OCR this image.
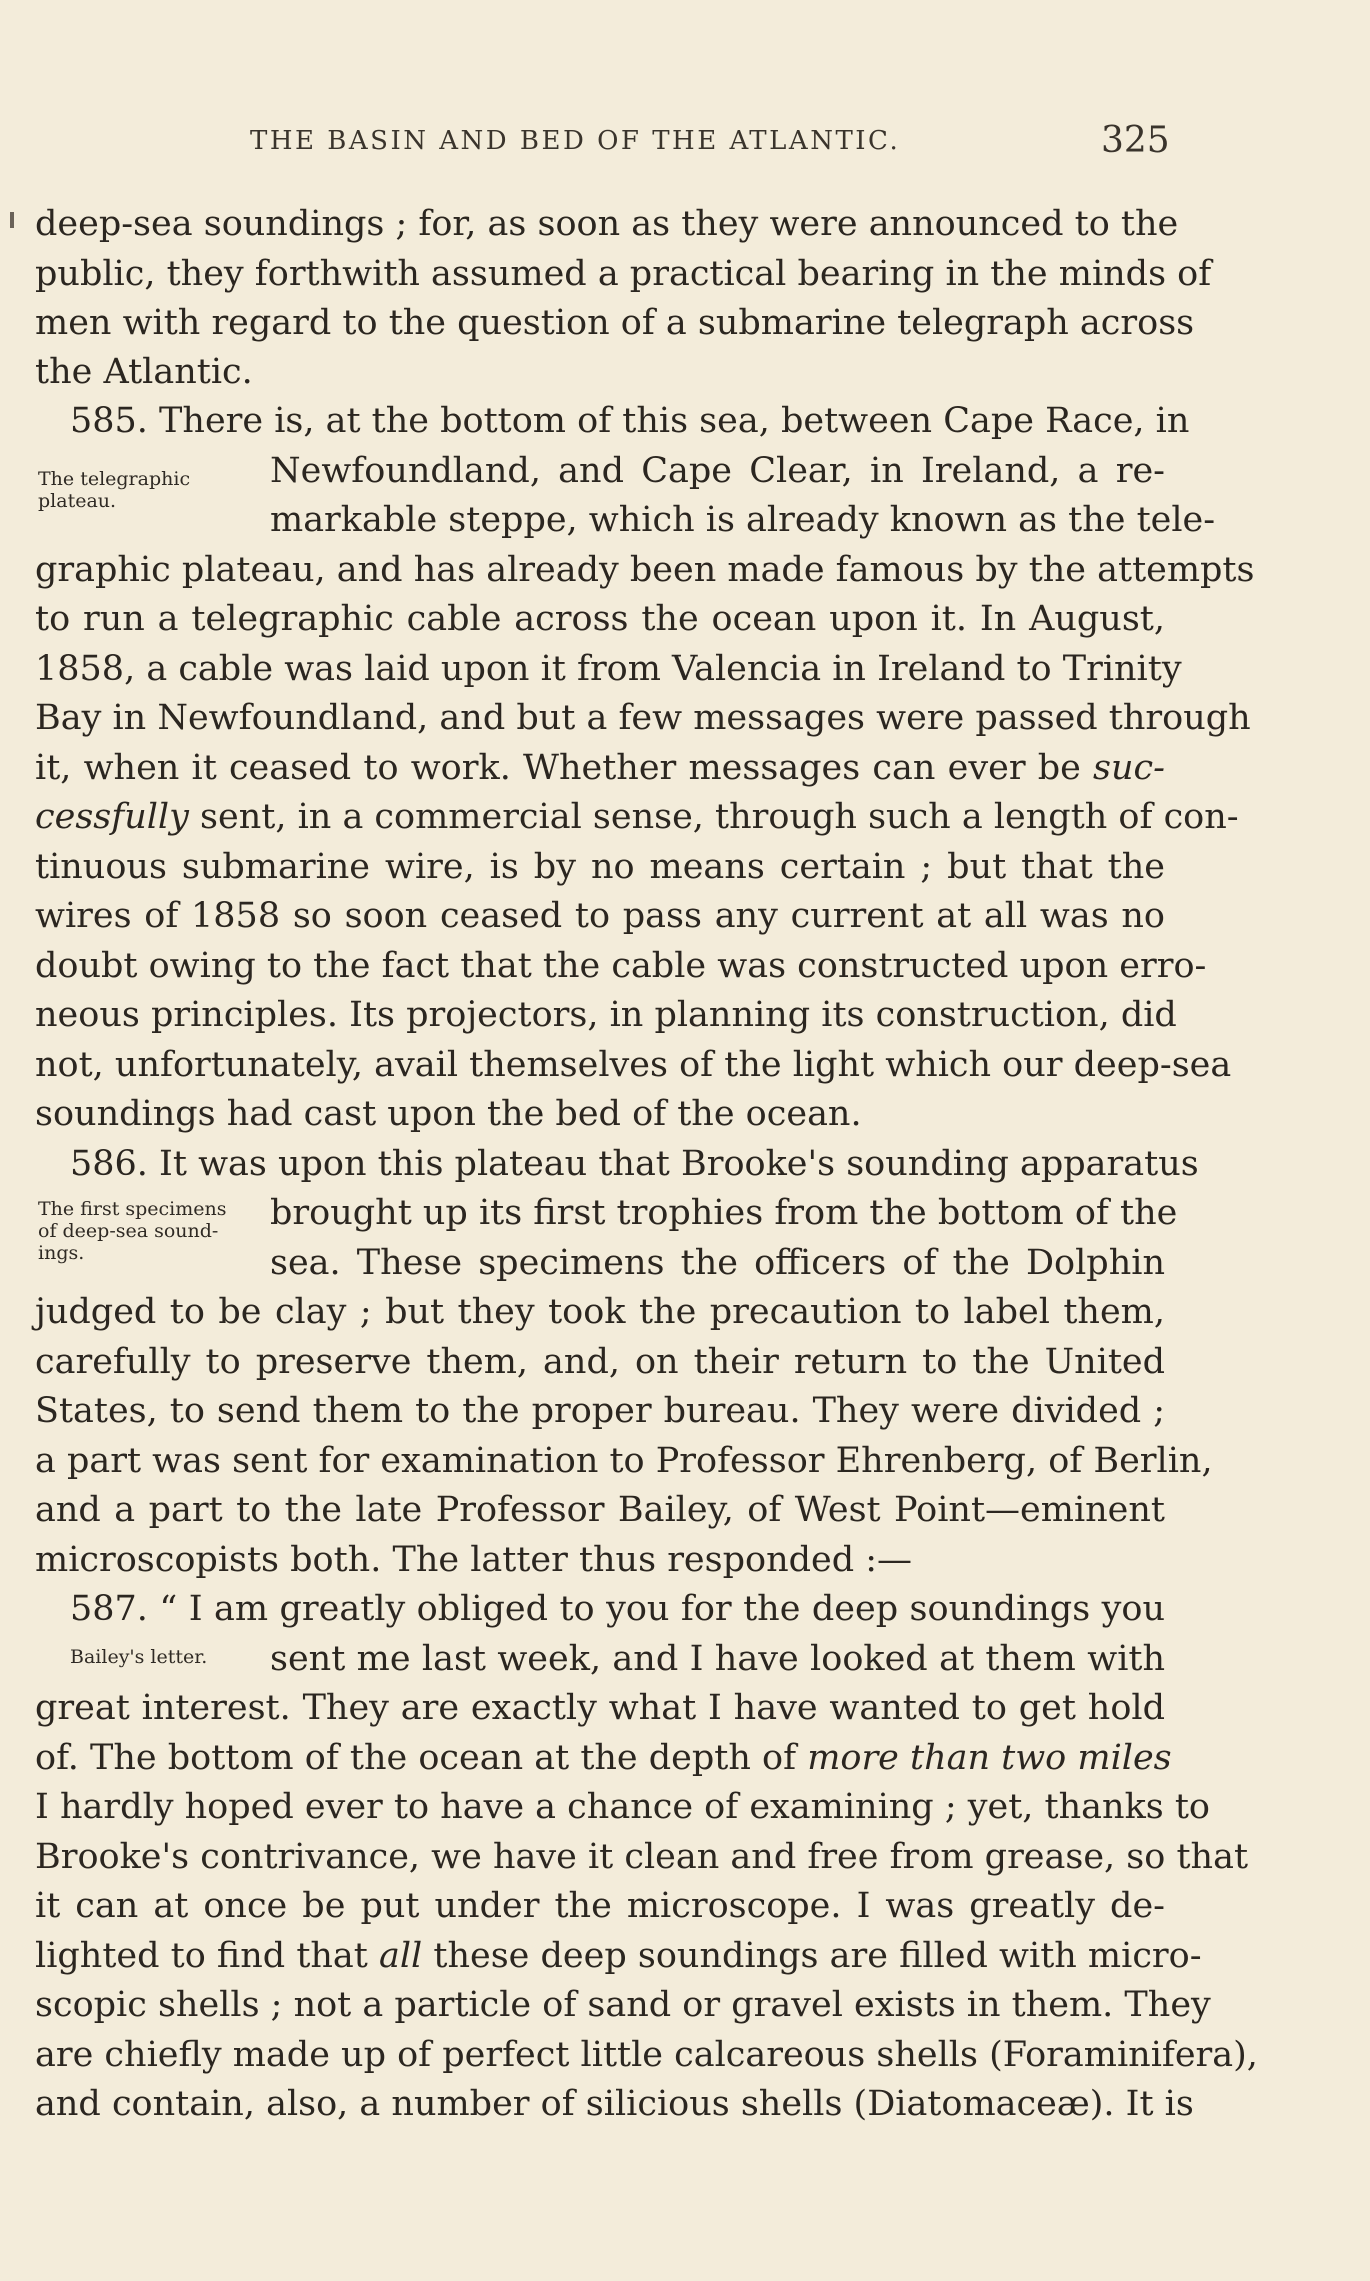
THE BASIN AND BED OF THE ATLANTIC.	325
The telegraphic
plateau.
The first specimens
of deep-sea sound-
ings.
Bailey's letter.
deep-sea soundings ; for, as soon as they were announced to the
public, they forthwith assumed a practical bearing in the minds of
men with regard to the question of a submarine telegraph across
the Atlantic.
585. There is, at the bottom of this sea, between Cape Race, in
Newfoundland, and Cape Clear, in Ireland, a re-
markable steppe, which is already known as the tele-
graphic plateau, and has already been made famous by the attempts
to run a telegraphic cable across the ocean upon it. In August,
1858, a cable was laid upon it from Valencia in Ireland to Trinity
Bay in Newfoundland, and but a few messages were passed through
it, when it ceased to work. Whether messages can ever be suc-
cessfully sent, in a commercial sense, through such a length of con-
tinuous submarine wire, is by no means certain ; but that the
wires of 1858 so soon ceased to pass any current at all was no
doubt owing to the fact that the cable was constructed upon erro-
neous principles. Its projectors, in planning its construction, did
not, unfortunately, avail themselves of the light which our deep-sea
soundings had cast upon the bed of the ocean.
586. It was upon this plateau that Brooke's sounding apparatus
brought up its first trophies from the bottom of the
sea. These specimens the officers of the Dolphin
judged to be clay ; but they took the precaution to label them,
carefully to preserve them, and, on their return to the United
States, to send them to the proper bureau. They were divided ;
a part was sent for examination to Professor Ehrenberg, of Berlin,
and a part to the late Professor Bailey, of West Point—eminent
microscopists both. The latter thus responded :—
587. “ I am greatly obliged to you for the deep soundings you
sent me last week, and I have looked at them with
great interest. They are exactly what I have wanted to get hold
of. The bottom of the ocean at the depth of more than two miles
I hardly hoped ever to have a chance of examining ; yet, thanks to
Brooke's contrivance, we have it clean and free from grease, so that
it can at once be put under the microscope. I was greatly de-
lighted to find that all these deep soundings are filled with micro-
scopic shells ; not a particle of sand or gravel exists in them. They
are chiefly made up of perfect little calcareous shells (Foraminifera),
and contain, also, a number of silicious shells (Diatomaceæ). It is
